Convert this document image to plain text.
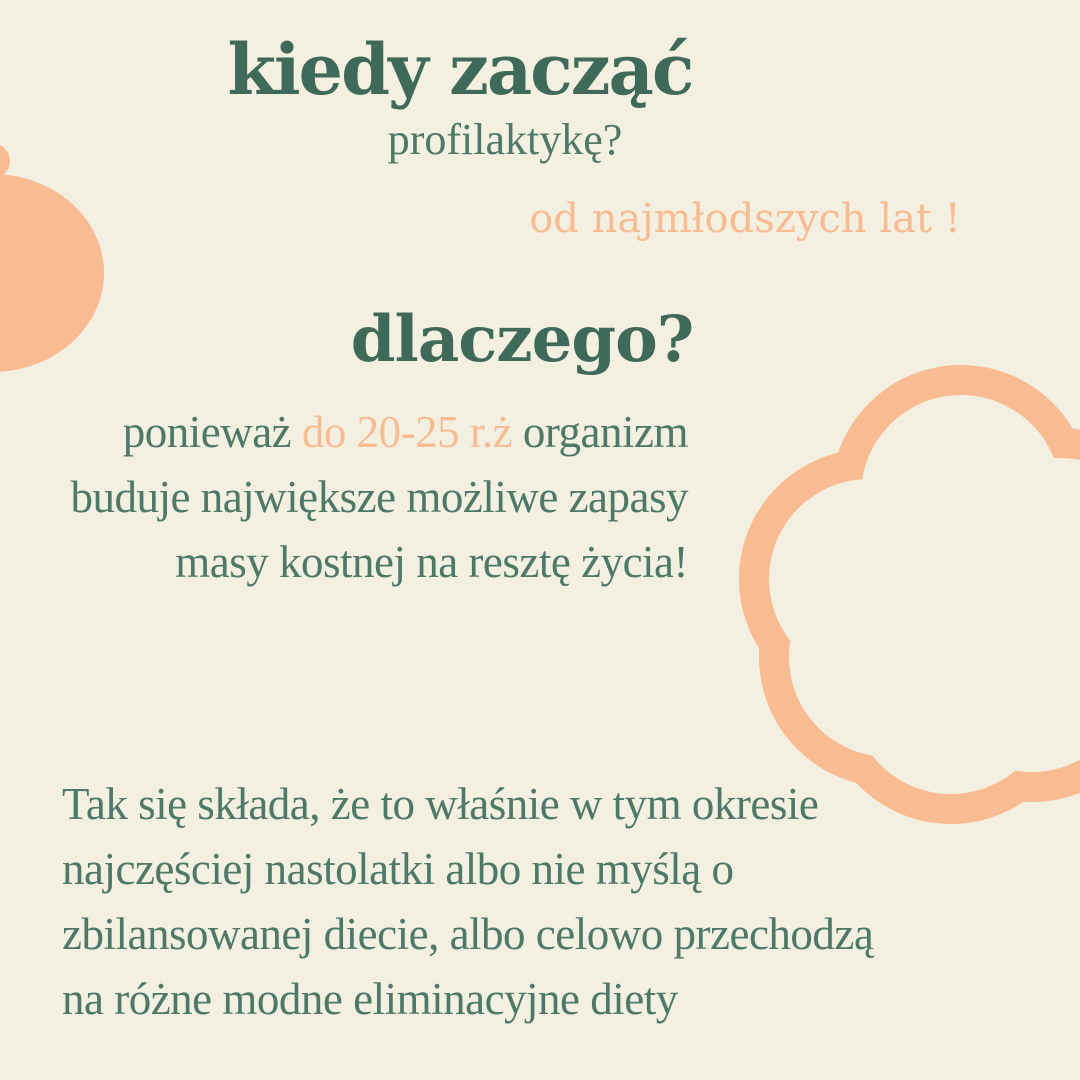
kiedy zacząć
profilaktykę?
od najmłodszych lat !
dlaczego?
ponieważ do 20-25 r.ż organizm
buduje największe możliwe zapasy
masy kostnej na resztę życia!
Tak się składa, że to właśnie w tym okresie
najczęściej nastolatki albo nie myślą o
zbilansowanej diecie, albo celowo przechodzą
na różne modne eliminacyjne diety
